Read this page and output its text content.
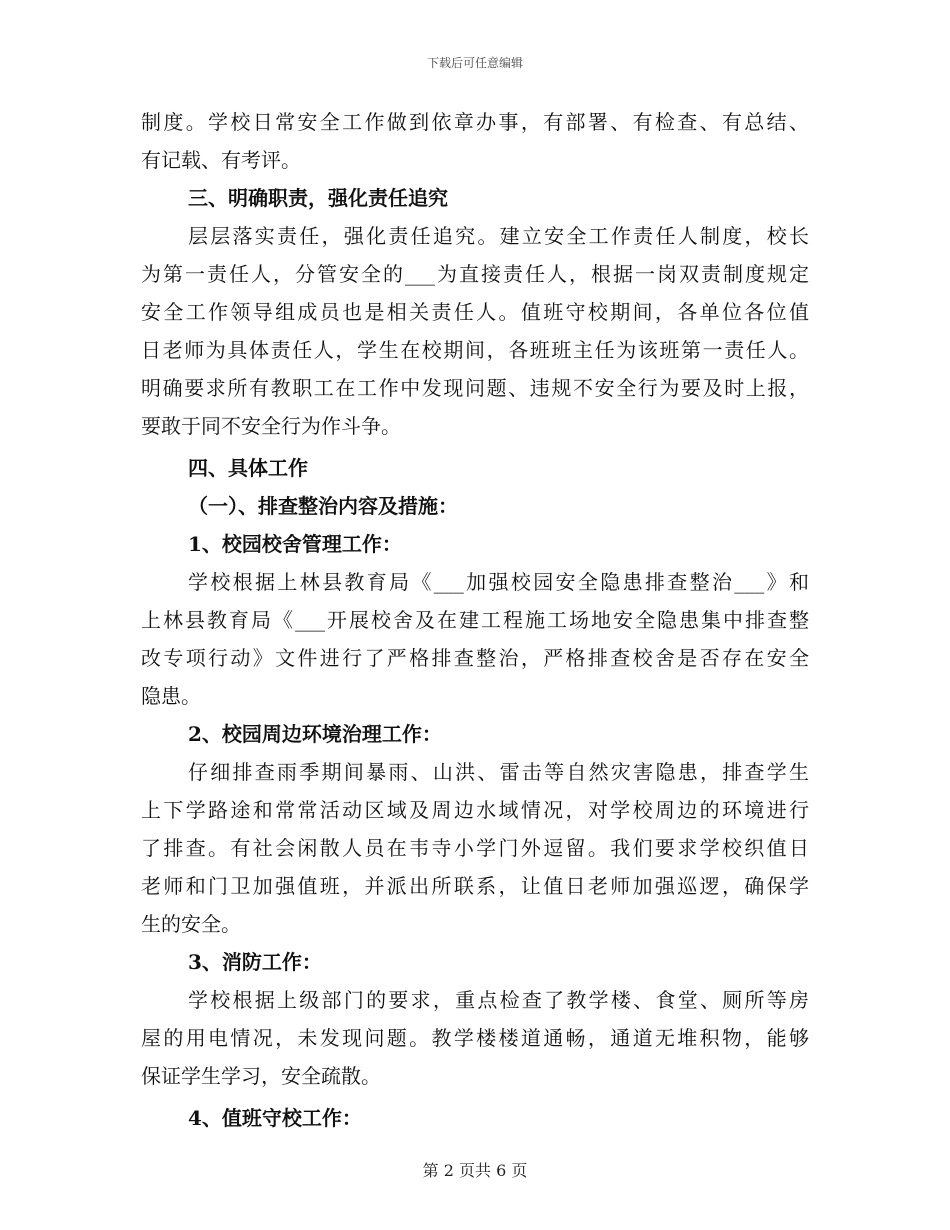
下载后可任意编辑
制度。学校日常安全工作做到依章办事，有部署、有检查、有总结、
有记载、有考评。
三、明确职责，强化责任追究
层层落实责任，强化责任追究。建立安全工作责任人制度，校长
为第一责任人，分管安全的___为直接责任人，根据一岗双责制度规定
安全工作领导组成员也是相关责任人。值班守校期间，各单位各位值
日老师为具体责任人，学生在校期间，各班班主任为该班第一责任人。
明确要求所有教职工在工作中发现问题、违规不安全行为要及时上报，
要敢于同不安全行为作斗争。
四、具体工作
（一）、排查整治内容及措施：
1、校园校舍管理工作：
学校根据上林县教育局《___加强校园安全隐患排查整治___》和
上林县教育局《___开展校舍及在建工程施工场地安全隐患集中排查整
改专项行动》文件进行了严格排查整治，严格排查校舍是否存在安全
隐患。
2、校园周边环境治理工作：
仔细排查雨季期间暴雨、山洪、雷击等自然灾害隐患，排查学生
上下学路途和常常活动区域及周边水域情况，对学校周边的环境进行
了排查。有社会闲散人员在韦寺小学门外逗留。我们要求学校织值日
老师和门卫加强值班，并派出所联系，让值日老师加强巡逻，确保学
生的安全。
3、消防工作：
学校根据上级部门的要求，重点检查了教学楼、食堂、厕所等房
屋的用电情况，未发现问题。教学楼楼道通畅，通道无堆积物，能够
保证学生学习，安全疏散。
4、值班守校工作：
第 2 页共 6 页
